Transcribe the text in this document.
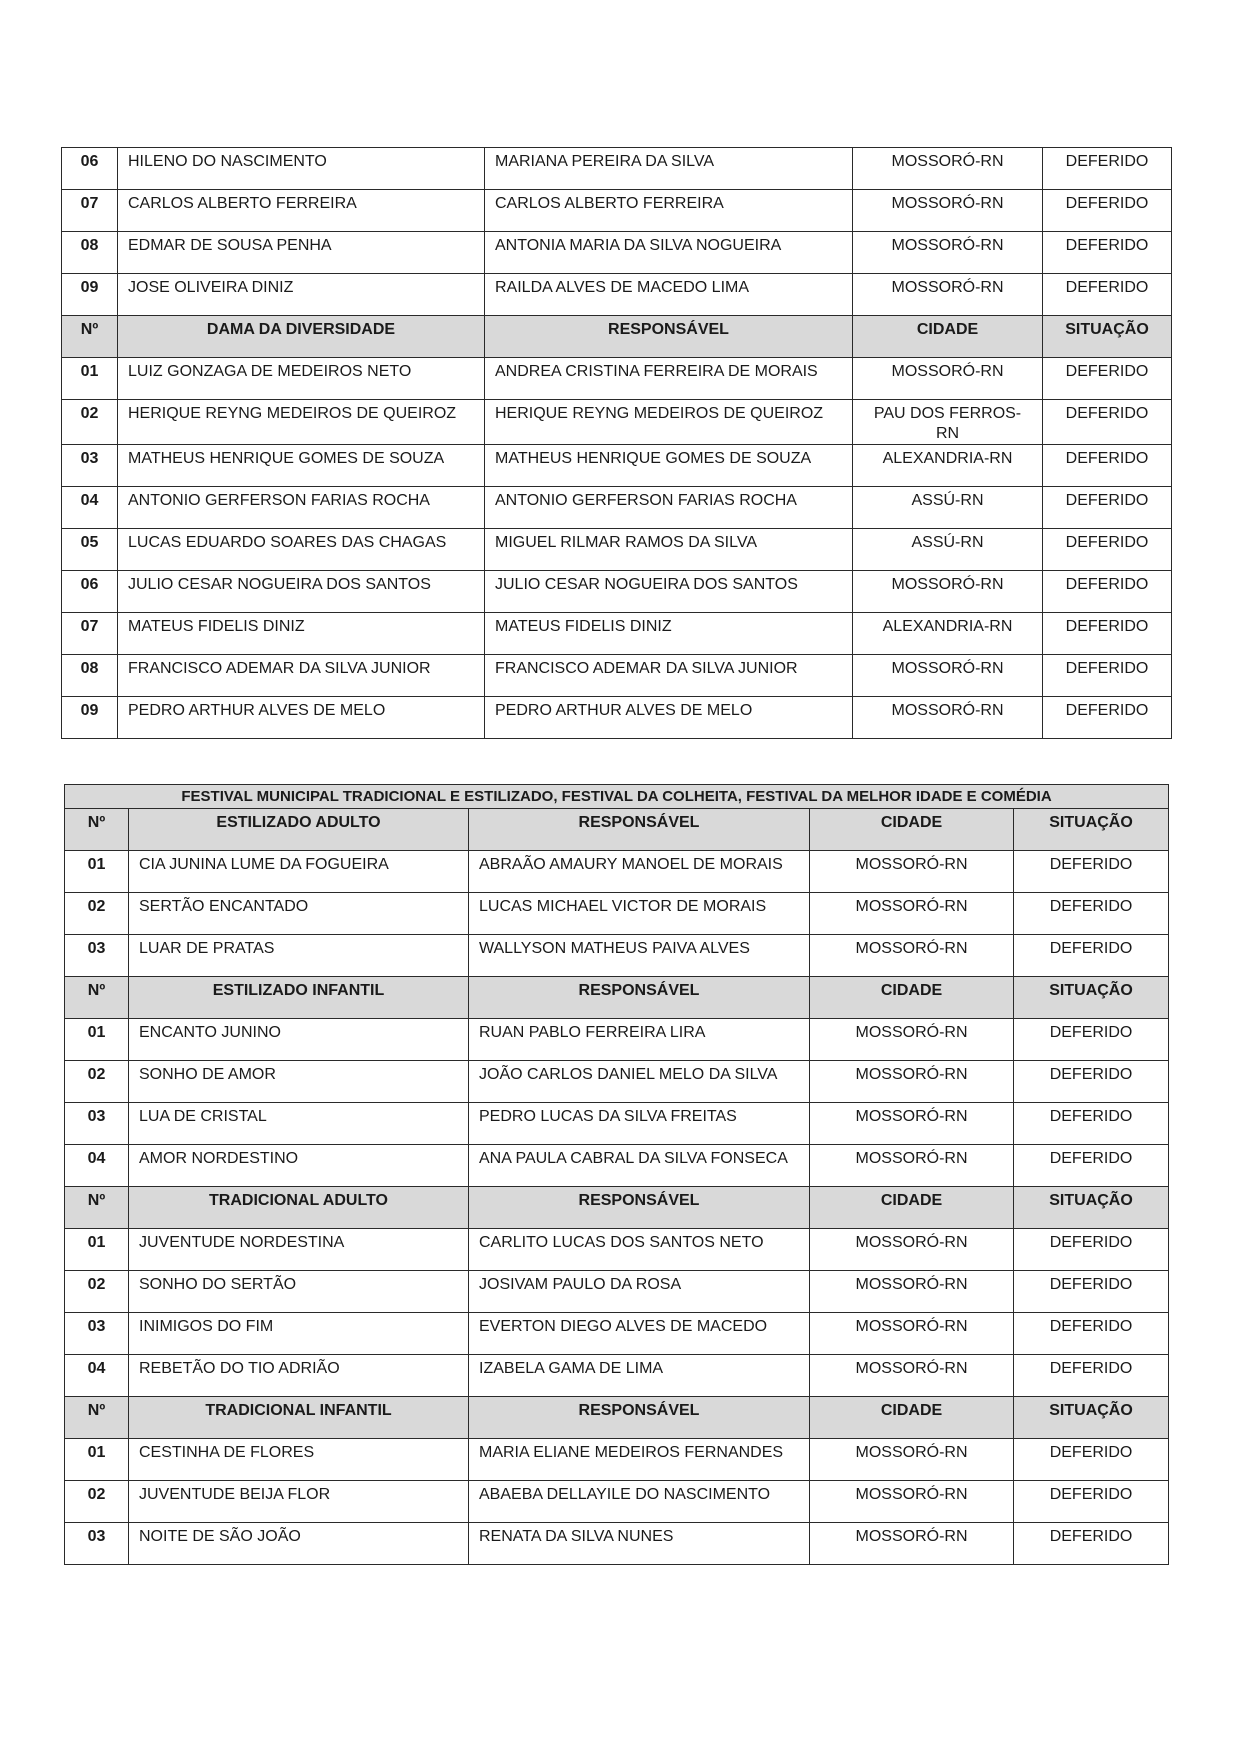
06	HILENO DO NASCIMENTO	MARIANA PEREIRA DA SILVA	MOSSORÓ-RN	DEFERIDO
07	CARLOS ALBERTO FERREIRA	CARLOS ALBERTO FERREIRA	MOSSORÓ-RN	DEFERIDO
08	EDMAR DE SOUSA PENHA	ANTONIA MARIA DA SILVA NOGUEIRA	MOSSORÓ-RN	DEFERIDO
09	JOSE OLIVEIRA DINIZ	RAILDA ALVES DE MACEDO LIMA	MOSSORÓ-RN	DEFERIDO
Nº	DAMA DA DIVERSIDADE	RESPONSÁVEL	CIDADE	SITUAÇÃO
01	LUIZ GONZAGA DE MEDEIROS NETO	ANDREA CRISTINA FERREIRA DE MORAIS	MOSSORÓ-RN	DEFERIDO
02	HERIQUE REYNG MEDEIROS DE QUEIROZ	HERIQUE REYNG MEDEIROS DE QUEIROZ	PAU DOS FERROS-RN	DEFERIDO
03	MATHEUS HENRIQUE GOMES DE SOUZA	MATHEUS HENRIQUE GOMES DE SOUZA	ALEXANDRIA-RN	DEFERIDO
04	ANTONIO GERFERSON FARIAS ROCHA	ANTONIO GERFERSON FARIAS ROCHA	ASSÚ-RN	DEFERIDO
05	LUCAS EDUARDO SOARES DAS CHAGAS	MIGUEL RILMAR RAMOS DA SILVA	ASSÚ-RN	DEFERIDO
06	JULIO CESAR NOGUEIRA DOS SANTOS	JULIO CESAR NOGUEIRA DOS SANTOS	MOSSORÓ-RN	DEFERIDO
07	MATEUS FIDELIS DINIZ	MATEUS FIDELIS DINIZ	ALEXANDRIA-RN	DEFERIDO
08	FRANCISCO ADEMAR DA SILVA JUNIOR	FRANCISCO ADEMAR DA SILVA JUNIOR	MOSSORÓ-RN	DEFERIDO
09	PEDRO ARTHUR ALVES DE MELO	PEDRO ARTHUR ALVES DE MELO	MOSSORÓ-RN	DEFERIDO
FESTIVAL MUNICIPAL TRADICIONAL E ESTILIZADO, FESTIVAL DA COLHEITA, FESTIVAL DA MELHOR IDADE E COMÉDIA				
Nº	ESTILIZADO ADULTO	RESPONSÁVEL	CIDADE	SITUAÇÃO
01	CIA JUNINA LUME DA FOGUEIRA	ABRAÃO AMAURY MANOEL DE MORAIS	MOSSORÓ-RN	DEFERIDO
02	SERTÃO ENCANTADO	LUCAS MICHAEL VICTOR DE MORAIS	MOSSORÓ-RN	DEFERIDO
03	LUAR DE PRATAS	WALLYSON MATHEUS PAIVA ALVES	MOSSORÓ-RN	DEFERIDO
Nº	ESTILIZADO INFANTIL	RESPONSÁVEL	CIDADE	SITUAÇÃO
01	ENCANTO JUNINO	RUAN PABLO FERREIRA LIRA	MOSSORÓ-RN	DEFERIDO
02	SONHO DE AMOR	JOÃO CARLOS DANIEL MELO DA SILVA	MOSSORÓ-RN	DEFERIDO
03	LUA DE CRISTAL	PEDRO LUCAS DA SILVA FREITAS	MOSSORÓ-RN	DEFERIDO
04	AMOR NORDESTINO	ANA PAULA CABRAL DA SILVA FONSECA	MOSSORÓ-RN	DEFERIDO
Nº	TRADICIONAL ADULTO	RESPONSÁVEL	CIDADE	SITUAÇÃO
01	JUVENTUDE NORDESTINA	CARLITO LUCAS DOS SANTOS NETO	MOSSORÓ-RN	DEFERIDO
02	SONHO DO SERTÃO	JOSIVAM PAULO DA ROSA	MOSSORÓ-RN	DEFERIDO
03	INIMIGOS DO FIM	EVERTON DIEGO ALVES DE MACEDO	MOSSORÓ-RN	DEFERIDO
04	REBETÃO DO TIO ADRIÃO	IZABELA GAMA DE LIMA	MOSSORÓ-RN	DEFERIDO
Nº	TRADICIONAL INFANTIL	RESPONSÁVEL	CIDADE	SITUAÇÃO
01	CESTINHA DE FLORES	MARIA ELIANE MEDEIROS FERNANDES	MOSSORÓ-RN	DEFERIDO
02	JUVENTUDE BEIJA FLOR	ABAEBA DELLAYILE DO NASCIMENTO	MOSSORÓ-RN	DEFERIDO
03	NOITE DE SÃO JOÃO	RENATA DA SILVA NUNES	MOSSORÓ-RN	DEFERIDO
